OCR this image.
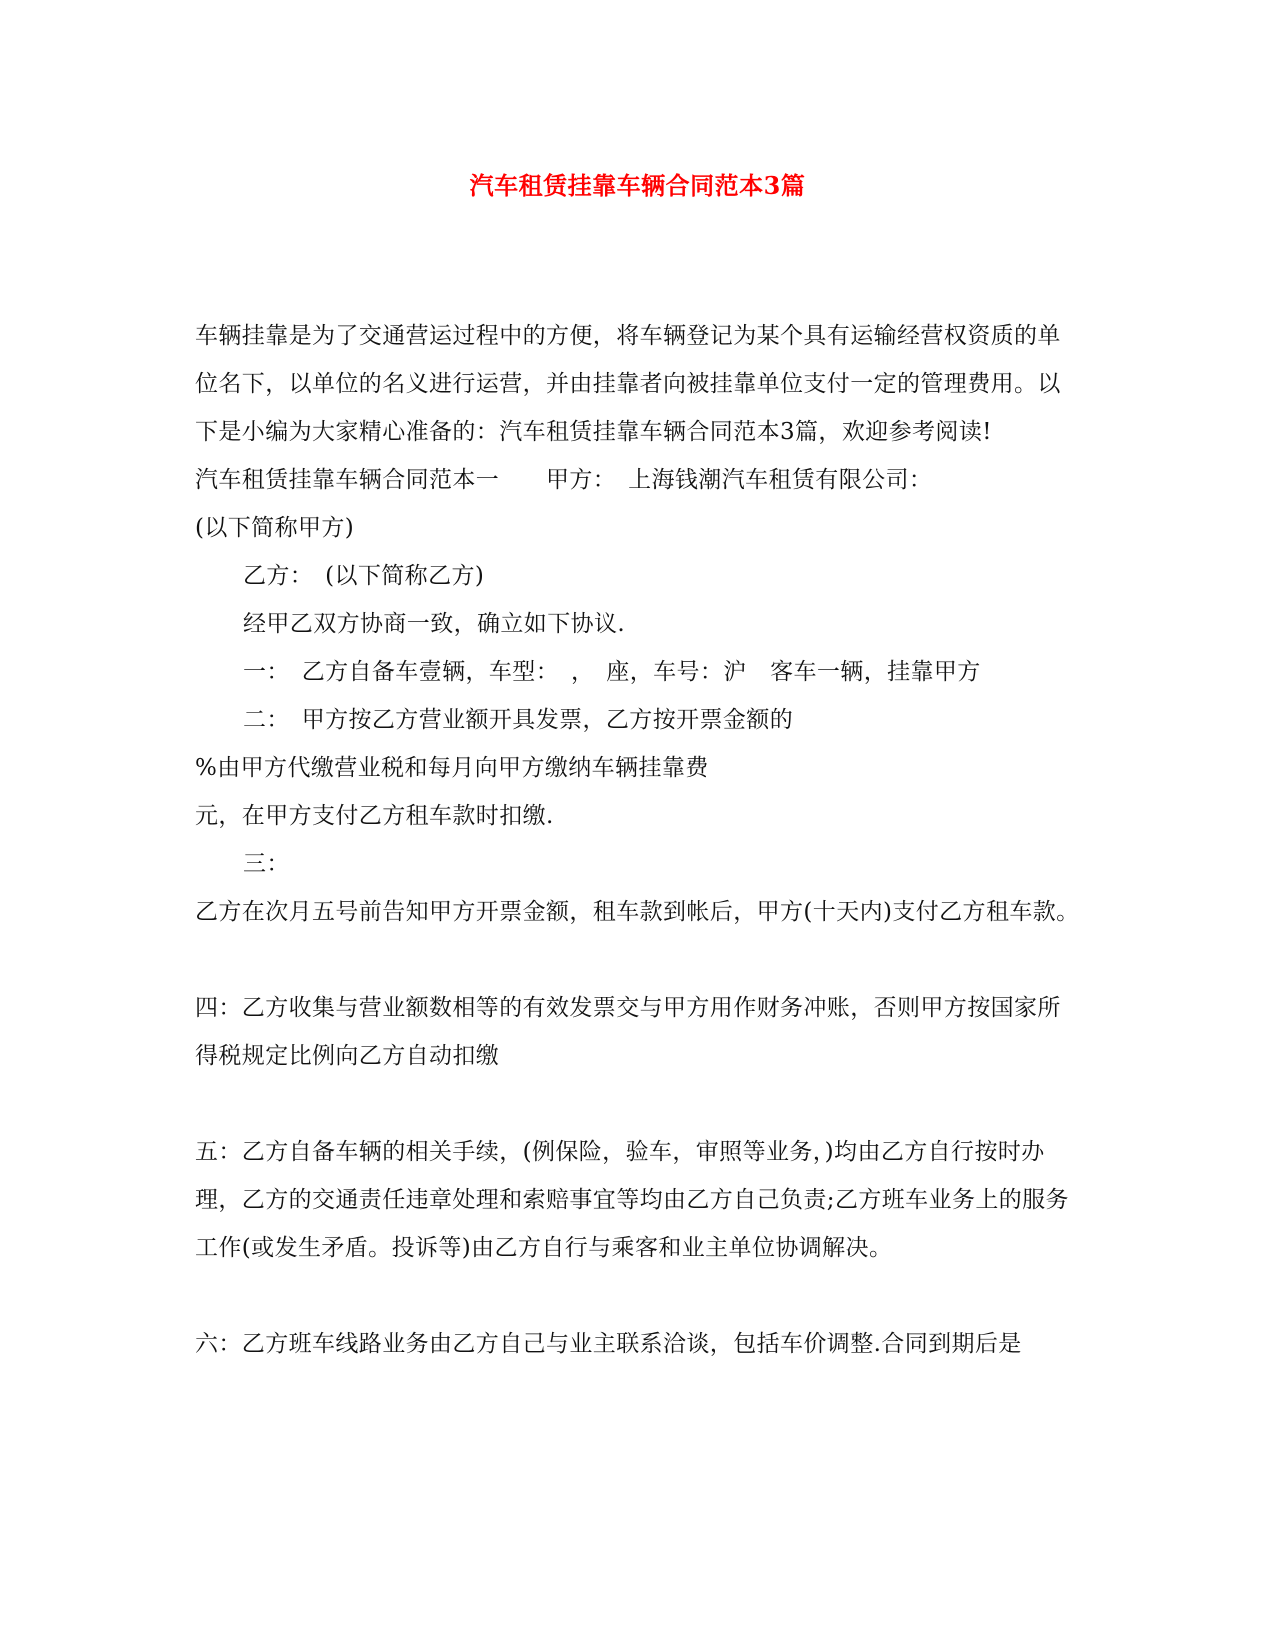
汽车租赁挂靠车辆合同范本3篇

车辆挂靠是为了交通营运过程中的方便，将车辆登记为某个具有运输经营权资质的单位名下，以单位的名义进行运营，并由挂靠者向被挂靠单位支付一定的管理费用。以下是小编为大家精心准备的：汽车租赁挂靠车辆合同范本3篇，欢迎参考阅读!

汽车租赁挂靠车辆合同范本一　　甲方：　上海钱潮汽车租赁有限公司：

(以下简称甲方)

乙方：　(以下简称乙方)

经甲乙双方协商一致，确立如下协议.

一：　乙方自备车壹辆，车型：　，　座，车号：沪　客车一辆，挂靠甲方

二：　甲方按乙方营业额开具发票，乙方按开票金额的

%由甲方代缴营业税和每月向甲方缴纳车辆挂靠费

元，在甲方支付乙方租车款时扣缴.

三：

乙方在次月五号前告知甲方开票金额，租车款到帐后，甲方(十天内)支付乙方租车款。

四：乙方收集与营业额数相等的有效发票交与甲方用作财务冲账，否则甲方按国家所得税规定比例向乙方自动扣缴

五：乙方自备车辆的相关手续，(例保险，验车，审照等业务，)均由乙方自行按时办理，乙方的交通责任违章处理和索赔事宜等均由乙方自己负责;乙方班车业务上的服务工作(或发生矛盾。投诉等)由乙方自行与乘客和业主单位协调解决。

六：乙方班车线路业务由乙方自己与业主联系洽谈，包括车价调整.合同到期后是
